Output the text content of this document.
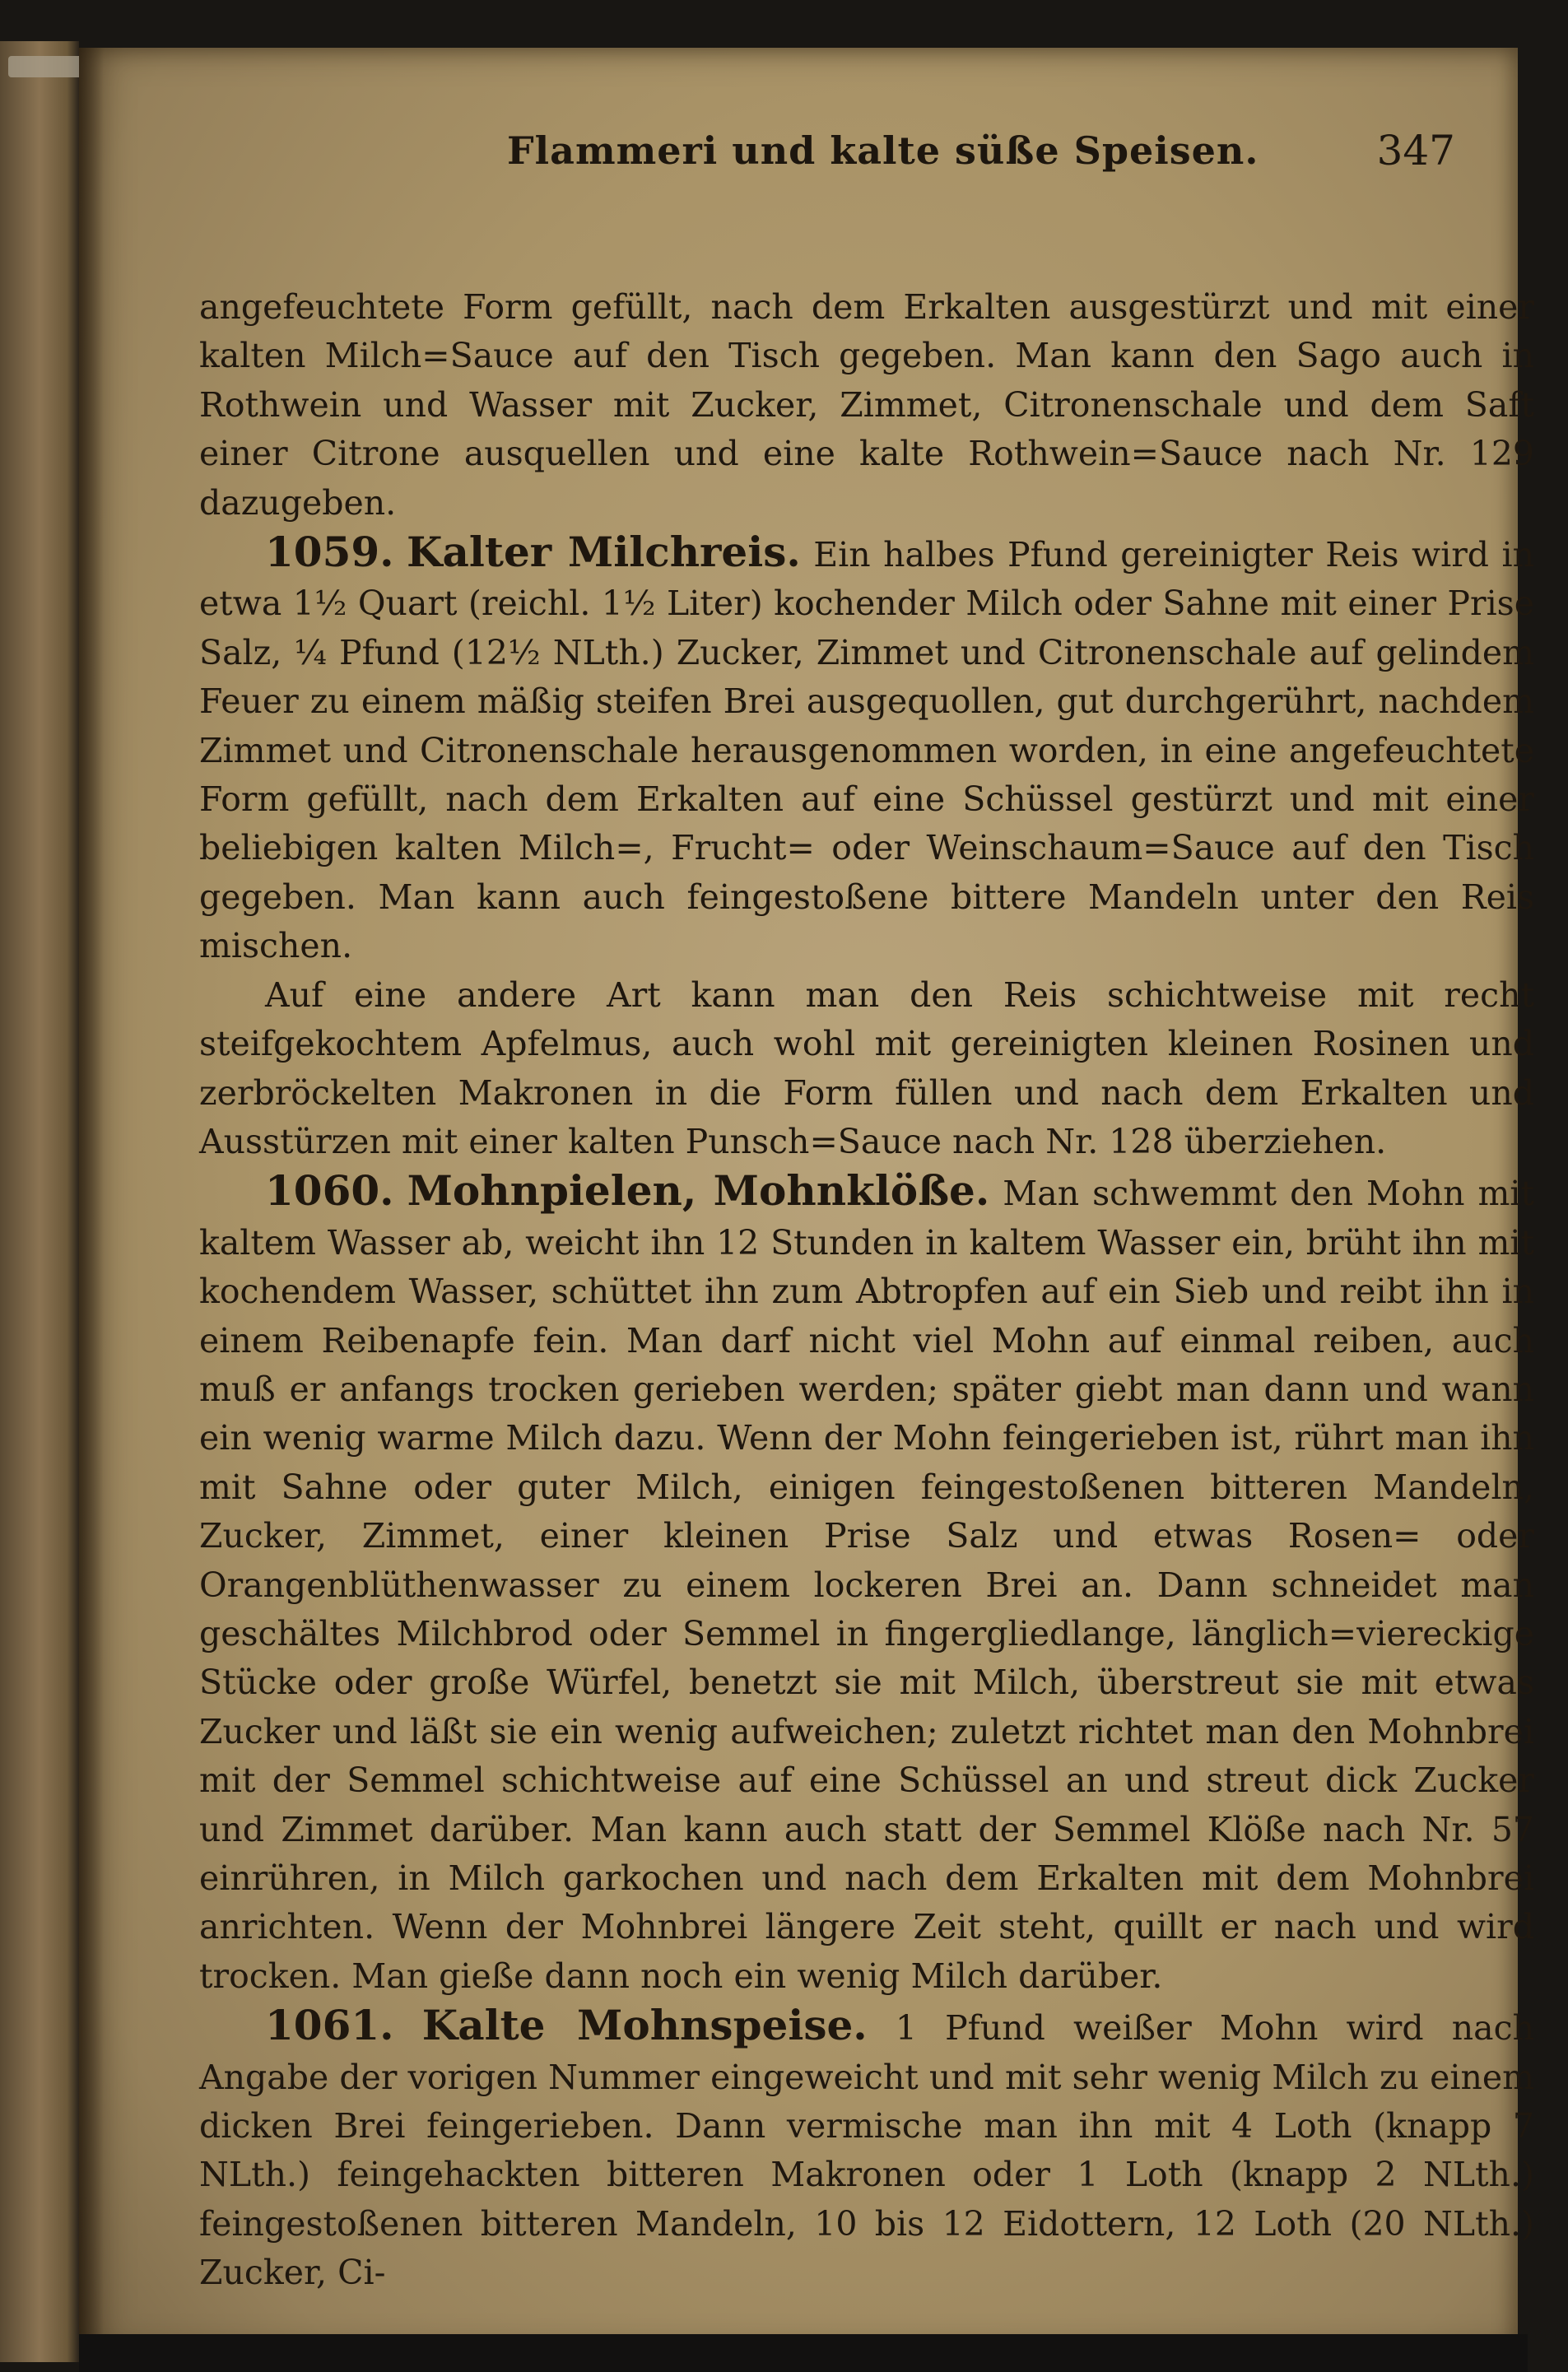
Flammeri und kalte süße Speisen.	347

angefeuchtete Form gefüllt, nach dem Erkalten ausgestürzt und mit einer kalten Milch=Sauce auf den Tisch gegeben. Man kann den Sago auch in Rothwein und Wasser mit Zucker, Zimmet, Citronenschale und dem Saft einer Citrone ausquellen und eine kalte Rothwein=Sauce nach Nr. 129 dazugeben.

1059. Kalter Milchreis. Ein halbes Pfund gereinigter Reis wird in etwa 1½ Quart (reichl. 1½ Liter) kochender Milch oder Sahne mit einer Prise Salz, ¼ Pfund (12½ NLth.) Zucker, Zimmet und Citronenschale auf gelindem Feuer zu einem mäßig steifen Brei ausgequollen, gut durchgerührt, nachdem Zimmet und Citronenschale herausgenommen worden, in eine angefeuchtete Form gefüllt, nach dem Erkalten auf eine Schüssel gestürzt und mit einer beliebigen kalten Milch=, Frucht= oder Weinschaum=Sauce auf den Tisch gegeben. Man kann auch feingestoßene bittere Mandeln unter den Reis mischen.

Auf eine andere Art kann man den Reis schichtweise mit recht steifgekochtem Apfelmus, auch wohl mit gereinigten kleinen Rosinen und zerbröckelten Makronen in die Form füllen und nach dem Erkalten und Ausstürzen mit einer kalten Punsch=Sauce nach Nr. 128 überziehen.

1060. Mohnpielen, Mohnklöße. Man schwemmt den Mohn mit kaltem Wasser ab, weicht ihn 12 Stunden in kaltem Wasser ein, brüht ihn mit kochendem Wasser, schüttet ihn zum Abtropfen auf ein Sieb und reibt ihn in einem Reibenapfe fein. Man darf nicht viel Mohn auf einmal reiben, auch muß er anfangs trocken gerieben werden; später giebt man dann und wann ein wenig warme Milch dazu. Wenn der Mohn feingerieben ist, rührt man ihn mit Sahne oder guter Milch, einigen feingestoßenen bitteren Mandeln, Zucker, Zimmet, einer kleinen Prise Salz und etwas Rosen= oder Orangenblüthenwasser zu einem lockeren Brei an. Dann schneidet man geschältes Milchbrod oder Semmel in fingergliedlange, länglich=viereckige Stücke oder große Würfel, benetzt sie mit Milch, überstreut sie mit etwas Zucker und läßt sie ein wenig aufweichen; zuletzt richtet man den Mohnbrei mit der Semmel schichtweise auf eine Schüssel an und streut dick Zucker und Zimmet darüber. Man kann auch statt der Semmel Klöße nach Nr. 57 einrühren, in Milch garkochen und nach dem Erkalten mit dem Mohnbrei anrichten. Wenn der Mohnbrei längere Zeit steht, quillt er nach und wird trocken. Man gieße dann noch ein wenig Milch darüber.

1061. Kalte Mohnspeise. 1 Pfund weißer Mohn wird nach Angabe der vorigen Nummer eingeweicht und mit sehr wenig Milch zu einem dicken Brei feingerieben. Dann vermische man ihn mit 4 Loth (knapp 7 NLth.) feingehackten bitteren Makronen oder 1 Loth (knapp 2 NLth.) feingestoßenen bitteren Mandeln, 10 bis 12 Eidottern, 12 Loth (20 NLth.) Zucker, Ci-
